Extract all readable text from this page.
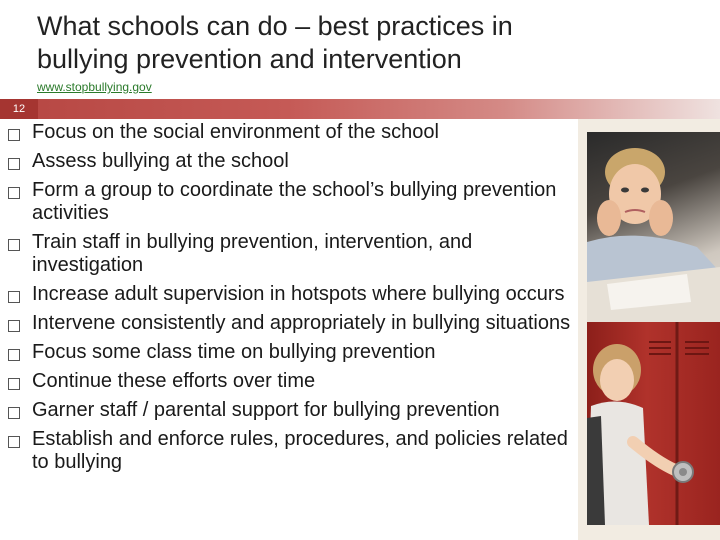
What schools can do – best practices in bullying prevention and intervention
www.stopbullying.gov
12
Focus on the social environment of the school
Assess bullying at the school
Form a group to coordinate the school’s bullying prevention activities
Train staff in bullying prevention, intervention, and investigation
Increase adult supervision in hotspots where bullying occurs
Intervene consistently and appropriately in bullying situations
Focus some class time on bullying prevention
Continue these efforts over time
Garner staff / parental support for bullying prevention
Establish and enforce rules, procedures, and policies related to bullying
